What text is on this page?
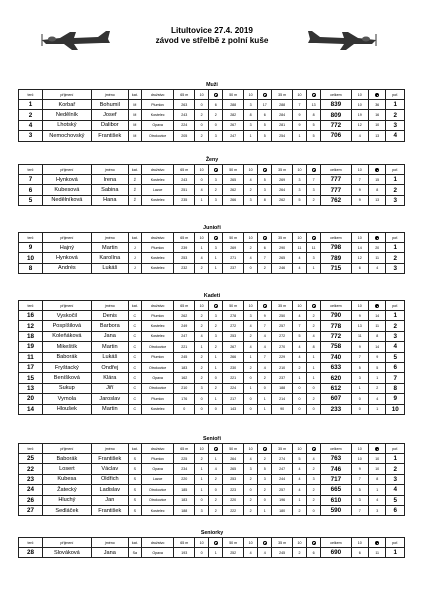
Litultovice 27.4. 2019
závod ve střelbě z polní kuše
Muži
terč	příjmení	jméno	kat.	družstvo	65 m	10		50 m	10		35 m	10		celkem	10		poř.
1	Korbař	Bohumil	M	Plumlov	263	0	6	288	3	17	288	7	13	839	10	36	1
2	Nedělník	Josef	M	Kostelec	243	2	2	282	8	6	284	9	8	809	19	16	2
4	Lhotský	Dalibor	M	Opava	224	0	0	267	3	5	281	9	5	772	12	10	3
3	Nemochovský	František	M	Otrokovice	205	2	3	247	1	5	254	1	5	706	4	13	4
Ženy
terč	příjmení	jméno	kat.	družstvo	65 m	10		50 m	10		35 m	10		celkem	10		poř.
7	Hynková	Irena	Ž	Kostelec	243	0	3	265	4	5	269	3	7	777	7	15	1
6	Kubesová	Sabina	Ž	Lazce	251	4	2	262	2	3	264	3	3	777	9	8	2
5	Nedělníková	Hana	Ž	Kostelec	235	1	3	266	3	8	262	5	2	762	9	13	3
Junioři
terč	příjmení	jméno	kat.	družstvo	65 m	10		50 m	10		35 m	10		celkem	10		poř.
9	Hajný	Martin	J	Plumlov	239	1	3	269	2	6	290	11	11	798	14	20	1
10	Hynková	Karolína	J	Kostelec	253	4	1	271	4	7	265	4	3	789	12	11	2
8	Andrés	Lukáš	J	Kostelec	232	2	1	237	0	2	246	4	1	715	6	4	3
Kadeti
terč	příjmení	jméno	kat.	družstvo	65 m	10		50 m	10		35 m	10		celkem	10		poř.
16	Vyskočil	Denis	C	Plumlov	262	2	3	278	3	9	250	4	2	790	9	14	1
12	Pospíšilová	Barbora	C	Kostelec	249	2	2	272	4	7	257	7	2	778	13	11	2
18	Koleňáková	Jana	C	Kostelec	247	4	3	253	2	4	272	5	4	772	11	8	3
19	Mikeštík	Martin	C	Otrokovice	221	1	2	267	4	4	270	4	8	758	9	14	4
11	Baborák	Lukáš	C	Plumlov	245	2	1	266	1	7	229	4	1	740	7	9	5
17	Fryštacký	Ondřej	C	Otrokovice	183	2	1	230	2	4	210	2	1	633	5	5	6
15	Beníšková	Klára	C	Opava	162	2	0	221	0	2	237	1	1	620	3	1	7
13	Sukup	Jiří	C	Otrokovice	210	3	2	224	1	0	188	0	0	612	1	2	8
20	Vymola	Jaroslav	C	Plumlov	176	0	1	217	0	1	214	0	2	607	0	4	9
14	Hloušek	Martin	C	Kostelec	0	0	0	143	0	1	90	0	0	233	0	1	10
Senioři
terč	příjmení	jméno	kat.	družstvo	65 m	10		50 m	10		35 m	10		celkem	10		poř.
25	Baborák	František	S	Plumlov	225	2	1	264	4	2	274	5	4	763	10	10	1
22	Losert	Václav	S	Opava	234	1	4	265	3	5	247	4	2	746	9	10	2
23	Kubesa	Oldřich	S	Lazce	220	1	2	253	2	3	244	4	3	717	7	8	3
24	Žatecký	Ladislav	S	Otrokovice	185	1	0	223	0	2	257	4	2	665	5	1	4
26	Hluchý	Jan	S	Otrokovice	183	0	2	220	2	0	196	1	2	610	3	4	5
27	Sedláček	František	S	Kostelec	188	3	2	222	2	1	180	2	0	590	7	3	6
Seniorky
terč	příjmení	jméno	kat.	družstvo	65 m	10		50 m	10		35 m	10		celkem	10		poř.
28	Slováková	Jana	Sa	Opava	193	0	1	252	4	4	245	2	6	690	6	11	1
